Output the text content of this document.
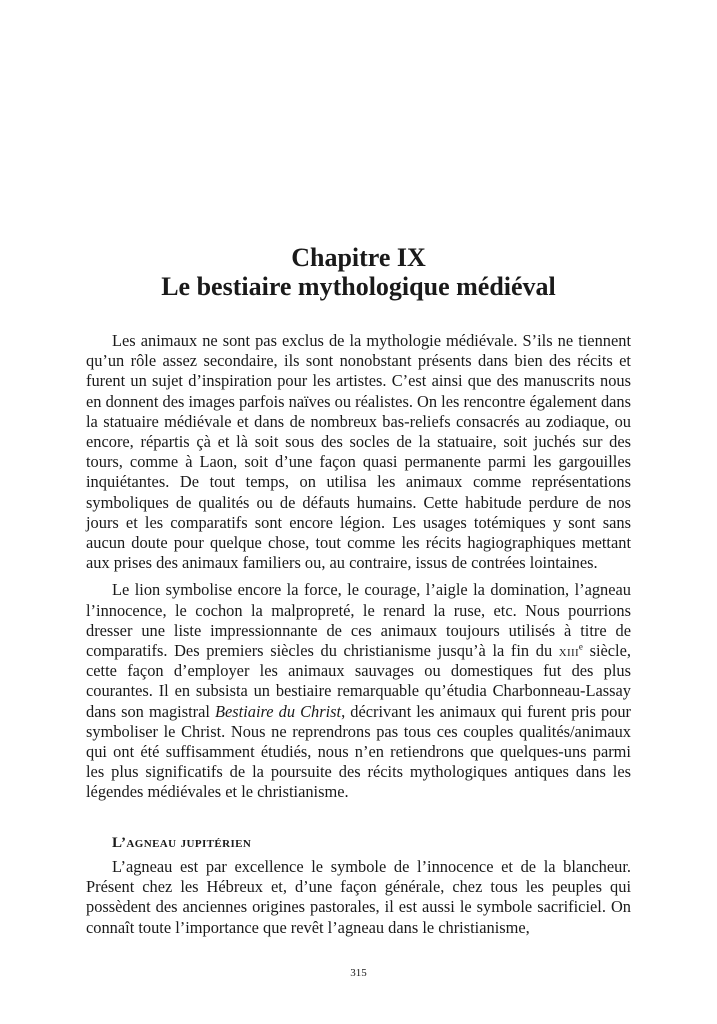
Chapitre IX
Le bestiaire mythologique médiéval

Les animaux ne sont pas exclus de la mythologie médiévale. S’ils ne tiennent qu’un rôle assez secondaire, ils sont nonobstant présents dans bien des récits et furent un sujet d’inspiration pour les artistes. C’est ainsi que des manuscrits nous en donnent des images parfois naïves ou réalistes. On les rencontre également dans la statuaire médiévale et dans de nombreux bas-reliefs consacrés au zodiaque, ou encore, répartis çà et là soit sous des socles de la statuaire, soit juchés sur des tours, comme à Laon, soit d’une façon quasi permanente parmi les gargouilles inquiétantes. De tout temps, on utilisa les animaux comme représentations symboliques de qualités ou de défauts humains. Cette habitude perdure de nos jours et les comparatifs sont encore légion. Les usages totémiques y sont sans aucun doute pour quelque chose, tout comme les récits hagiographiques mettant aux prises des animaux familiers ou, au contraire, issus de contrées lointaines.

Le lion symbolise encore la force, le courage, l’aigle la domination, l’agneau l’innocence, le cochon la malpropreté, le renard la ruse, etc. Nous pourrions dresser une liste impressionnante de ces animaux toujours utilisés à titre de comparatifs. Des premiers siècles du christianisme jusqu’à la fin du xiii$^e$ siècle, cette façon d’employer les animaux sauvages ou domestiques fut des plus courantes. Il en subsista un bestiaire remarquable qu’étudia Charbonneau-Lassay dans son magistral Bestiaire du Christ, décrivant les animaux qui furent pris pour symboliser le Christ. Nous ne reprendrons pas tous ces couples qualités/animaux qui ont été suffisamment étudiés, nous n’en retiendrons que quelques-uns parmi les plus significatifs de la poursuite des récits mythologiques antiques dans les légendes médiévales et le christianisme.

L’agneau jupitérien

L’agneau est par excellence le symbole de l’innocence et de la blancheur. Présent chez les Hébreux et, d’une façon générale, chez tous les peuples qui possèdent des anciennes origines pastorales, il est aussi le symbole sacrificiel. On connaît toute l’importance que revêt l’agneau dans le christianisme,

315
